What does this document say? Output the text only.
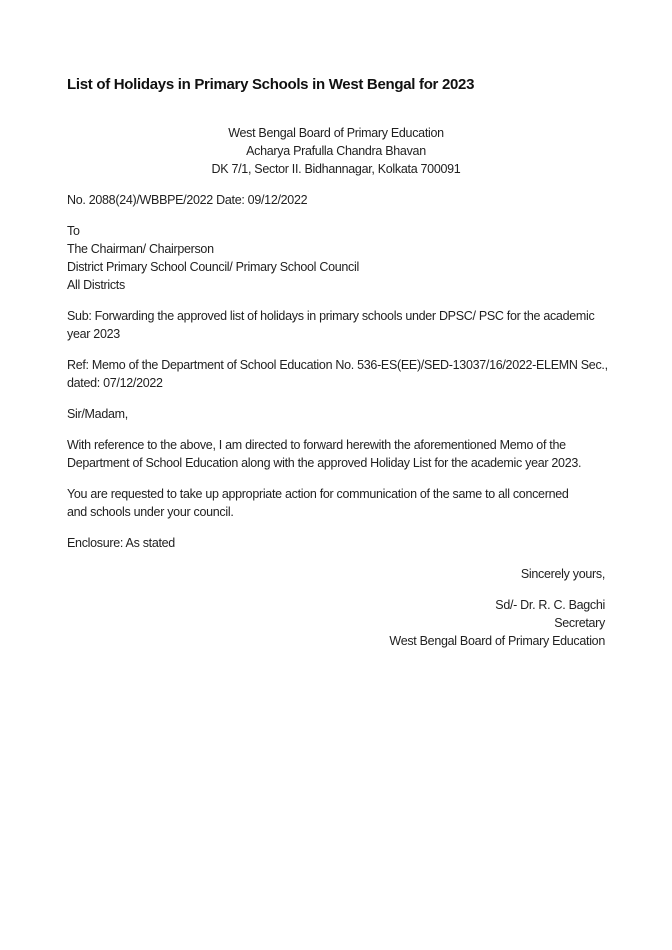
List of Holidays in Primary Schools in West Bengal for 2023
West Bengal Board of Primary Education
Acharya Prafulla Chandra Bhavan
DK 7/1, Sector II. Bidhannagar, Kolkata 700091
No. 2088(24)/WBBPE/2022 Date: 09/12/2022
To
The Chairman/ Chairperson
District Primary School Council/ Primary School Council
All Districts
Sub: Forwarding the approved list of holidays in primary schools under DPSC/ PSC for the academic
year 2023
Ref: Memo of the Department of School Education No. 536-ES(EE)/SED-13037/16/2022-ELEMN Sec.,
dated: 07/12/2022
Sir/Madam,
With reference to the above, I am directed to forward herewith the aforementioned Memo of the
Department of School Education along with the approved Holiday List for the academic year 2023.
You are requested to take up appropriate action for communication of the same to all concerned
and schools under your council.
Enclosure: As stated
Sincerely yours,
Sd/- Dr. R. C. Bagchi
Secretary
West Bengal Board of Primary Education
